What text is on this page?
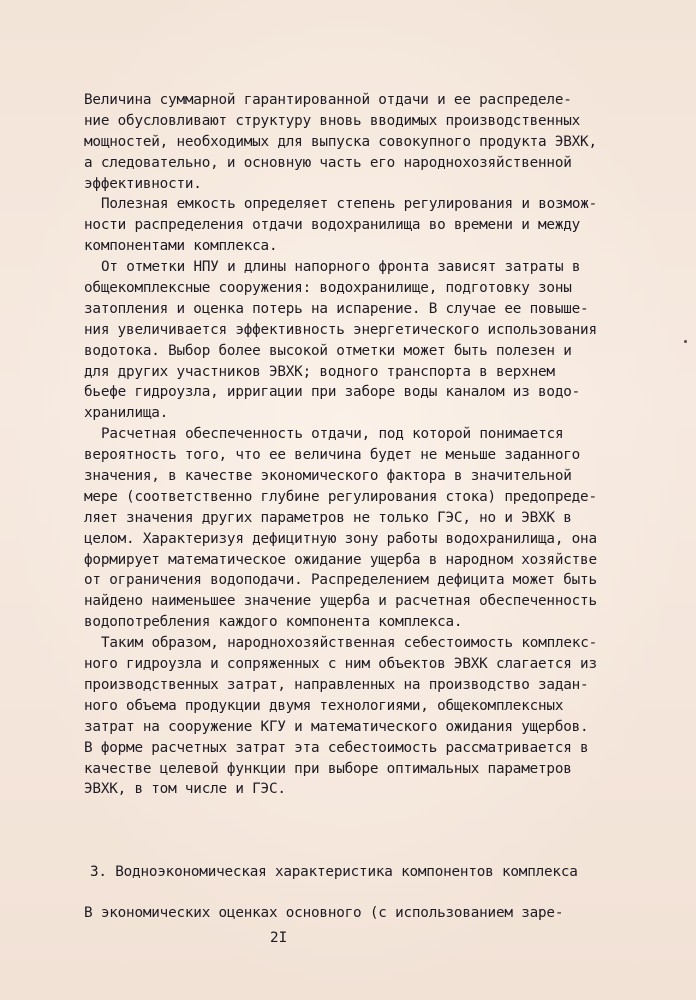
Величина суммарной гарантированной отдачи и ее распределе-
ние обусловливают структуру вновь вводимых производственных
мощностей, необходимых для выпуска совокупного продукта ЭВХК,
а следовательно, и основную часть его народнохозяйственной
эффективности.
Полезная емкость определяет степень регулирования и возмож-
ности распределения отдачи водохранилища во времени и между
компонентами комплекса.
От отметки НПУ и длины напорного фронта зависят затраты в
общекомплексные сооружения: водохранилище, подготовку зоны
затопления и оценка потерь на испарение. В случае ее повыше-
ния увеличивается эффективность энергетического использования
водотока. Выбор более высокой отметки может быть полезен и
для других участников ЭВХК; водного транспорта в верхнем
бьефе гидроузла, ирригации при заборе воды каналом из водо-
хранилища.
Расчетная обеспеченность отдачи, под которой понимается
вероятность того, что ее величина будет не меньше заданного
значения, в качестве экономического фактора в значительной
мере (соответственно глубине регулирования стока) предопреде-
ляет значения других параметров не только ГЭС, но и ЭВХК в
целом. Характеризуя дефицитную зону работы водохранилища, она
формирует математическое ожидание ущерба в народном хозяйстве
от ограничения водоподачи. Распределением дефицита может быть
найдено наименьшее значение ущерба и расчетная обеспеченность
водопотребления каждого компонента комплекса.
Таким образом, народнохозяйственная себестоимость комплекс-
ного гидроузла и сопряженных с ним объектов ЭВХК слагается из
производственных затрат, направленных на производство задан-
ного объема продукции двумя технологиями, общекомплексных
затрат на сооружение КГУ и математического ожидания ущербов.
В форме расчетных затрат эта себестоимость рассматривается в
качестве целевой функции при выборе оптимальных параметров
ЭВХК, в том числе и ГЭС.
3. Водноэкономическая характеристика компонентов комплекса
В экономических оценках основного (с использованием заре-
2I
